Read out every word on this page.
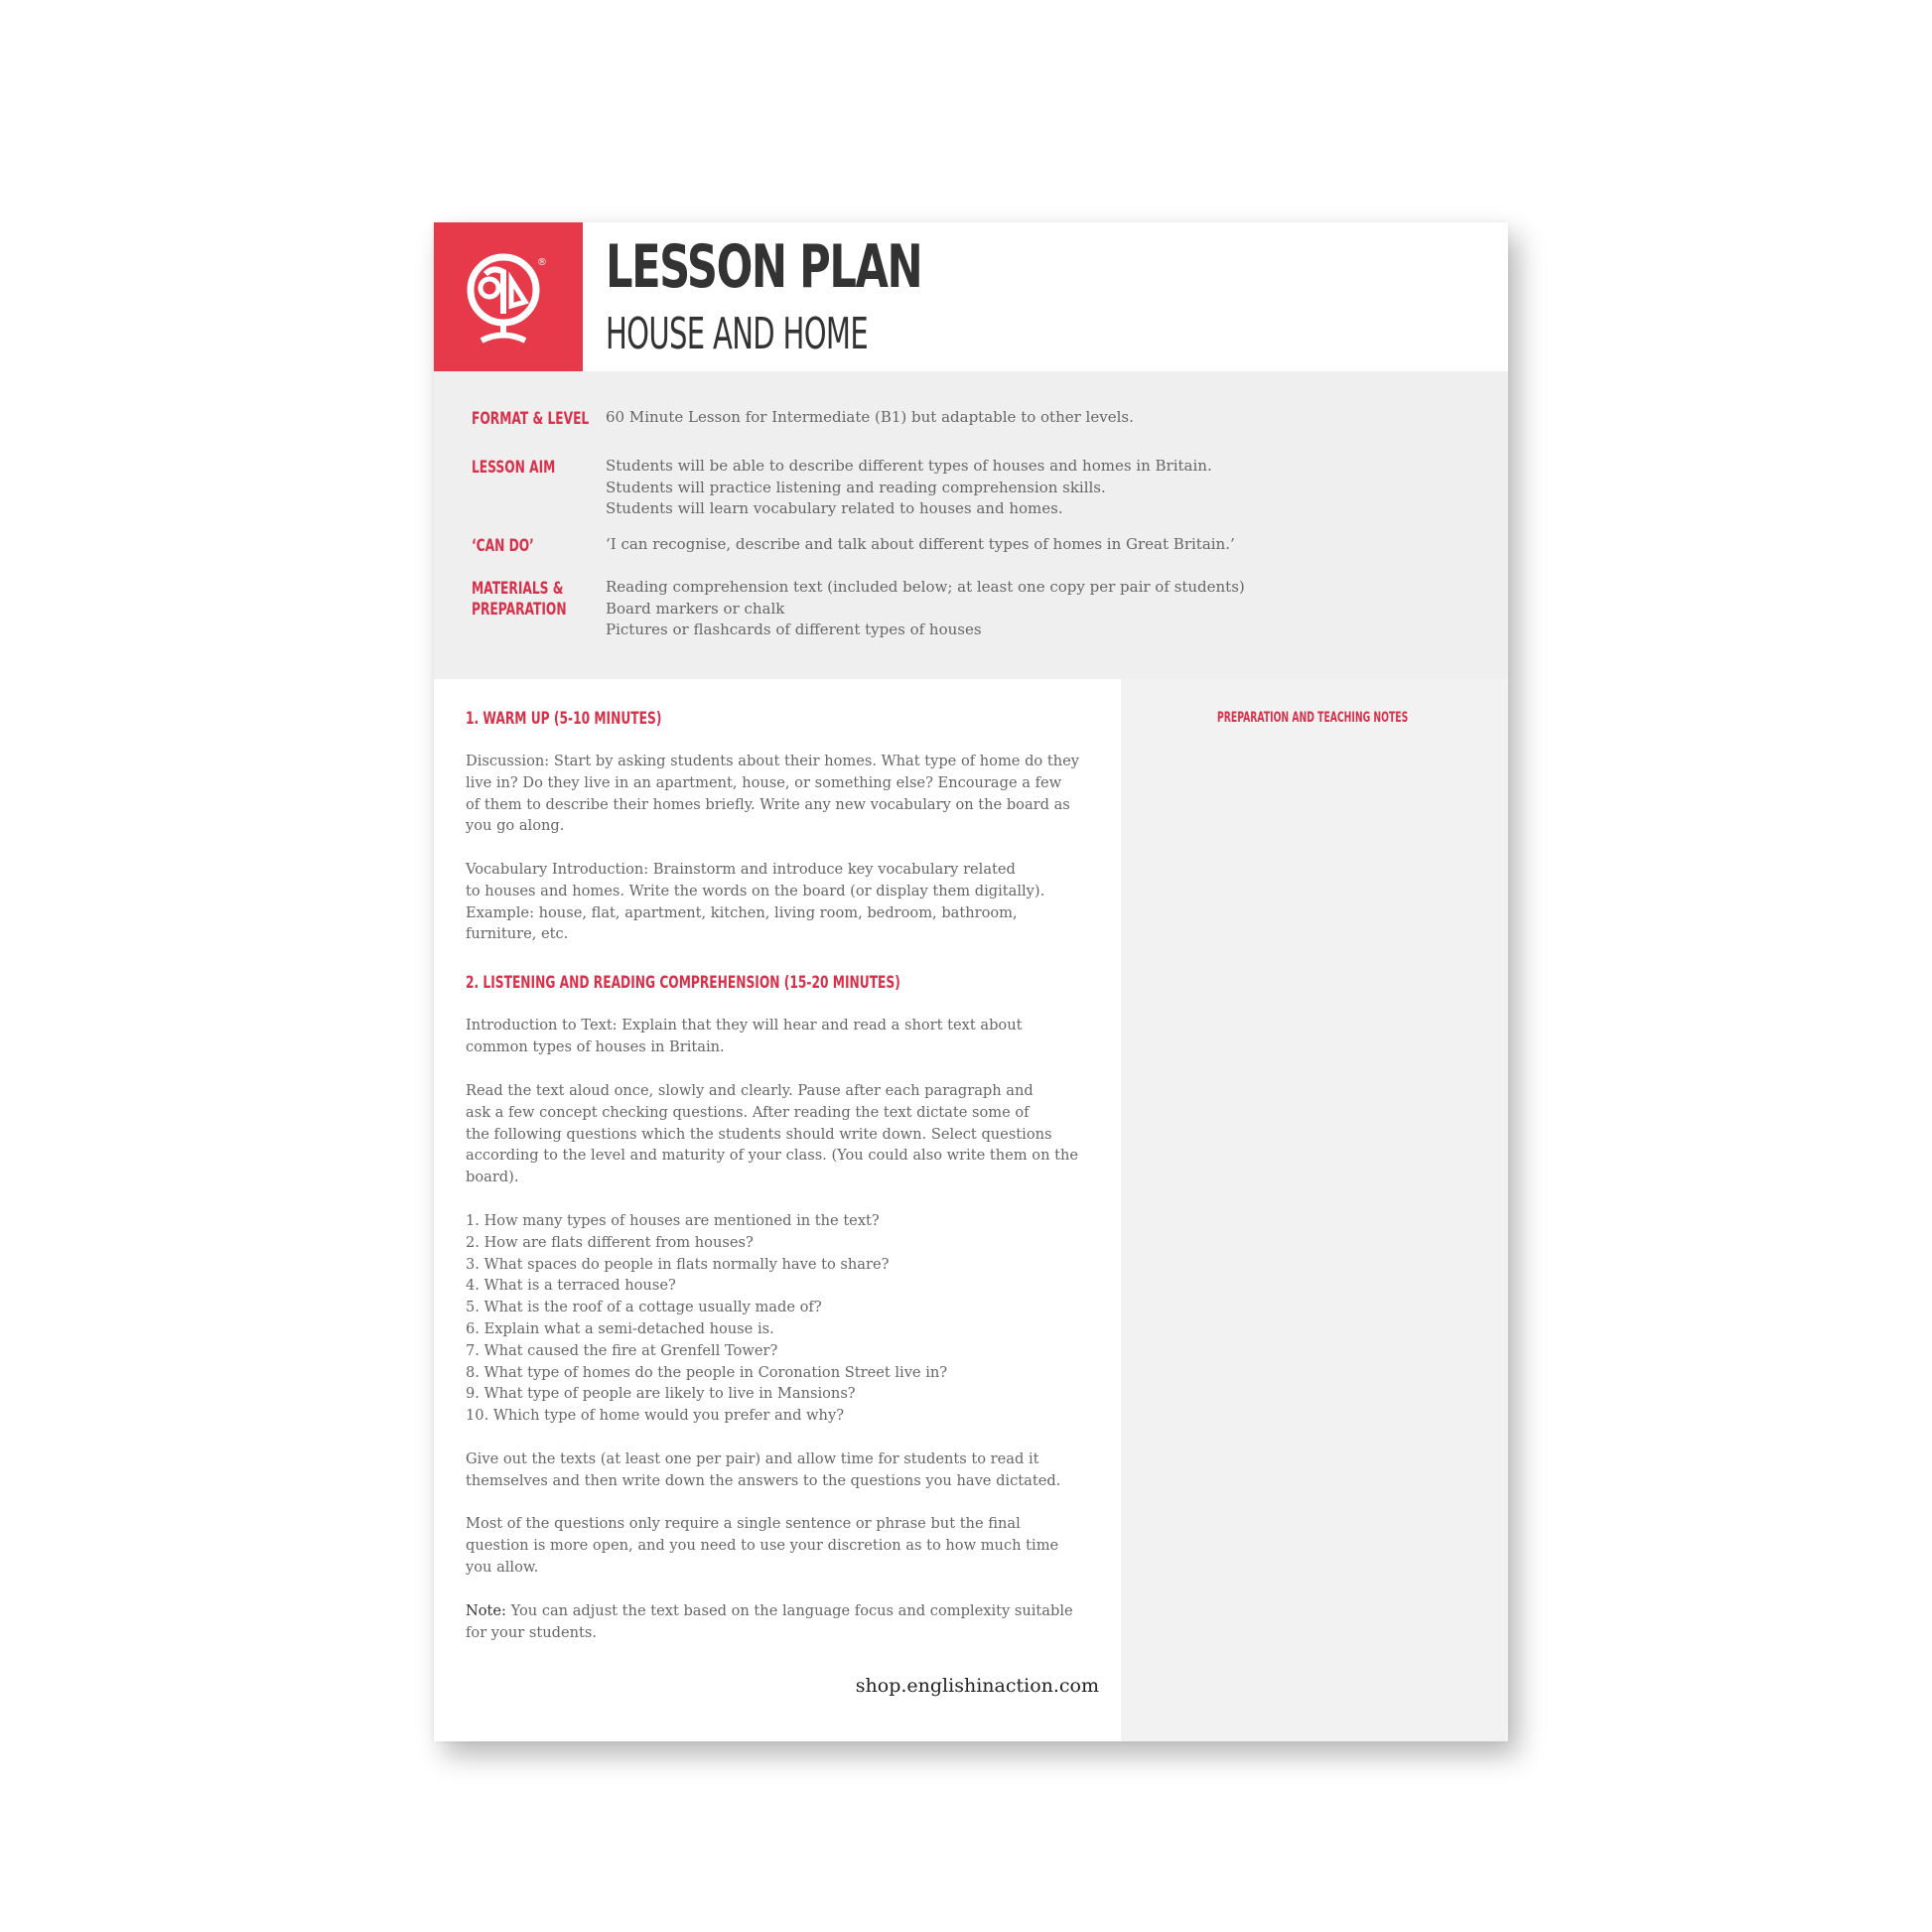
® LESSON PLAN
HOUSE AND HOME
FORMAT & LEVEL 60 Minute Lesson for Intermediate (B1) but adaptable to other levels.
LESSON AIM	Students will be able to describe different types of houses and homes in Britain.
Students will practice listening and reading comprehension skills.
Students will learn vocabulary related to houses and homes.
‘CAN DO’	‘I can recognise, describe and talk about different types of homes in Great Britain.’
MATERIALS &
PREPARATION
Reading comprehension text (included below; at least one copy per pair of students)
Board markers or chalk
Pictures or flashcards of different types of houses
1. WARM UP (5-10 MINUTES)
Discussion: Start by asking students about their homes. What type of home do they
live in? Do they live in an apartment, house, or something else? Encourage a few
of them to describe their homes briefly. Write any new vocabulary on the board as
you go along.
Vocabulary Introduction: Brainstorm and introduce key vocabulary related
to houses and homes. Write the words on the board (or display them digitally).
Example: house, flat, apartment, kitchen, living room, bedroom, bathroom,
furniture, etc.
2. LISTENING AND READING COMPREHENSION (15-20 MINUTES)
Introduction to Text: Explain that they will hear and read a short text about
common types of houses in Britain.
Read the text aloud once, slowly and clearly. Pause after each paragraph and
ask a few concept checking questions. After reading the text dictate some of
the following questions which the students should write down. Select questions
according to the level and maturity of your class. (You could also write them on the
board).
1. How many types of houses are mentioned in the text?
2. How are flats different from houses?
3. What spaces do people in flats normally have to share?
4. What is a terraced house?
5. What is the roof of a cottage usually made of?
6. Explain what a semi-detached house is.
7. What caused the fire at Grenfell Tower?
8. What type of homes do the people in Coronation Street live in?
9. What type of people are likely to live in Mansions?
10. Which type of home would you prefer and why?
Give out the texts (at least one per pair) and allow time for students to read it
themselves and then write down the answers to the questions you have dictated.
Most of the questions only require a single sentence or phrase but the final
question is more open, and you need to use your discretion as to how much time
you allow.
Note: You can adjust the text based on the language focus and complexity suitable
for your students.
shop.englishinaction.com
PREPARATION AND TEACHING NOTES
